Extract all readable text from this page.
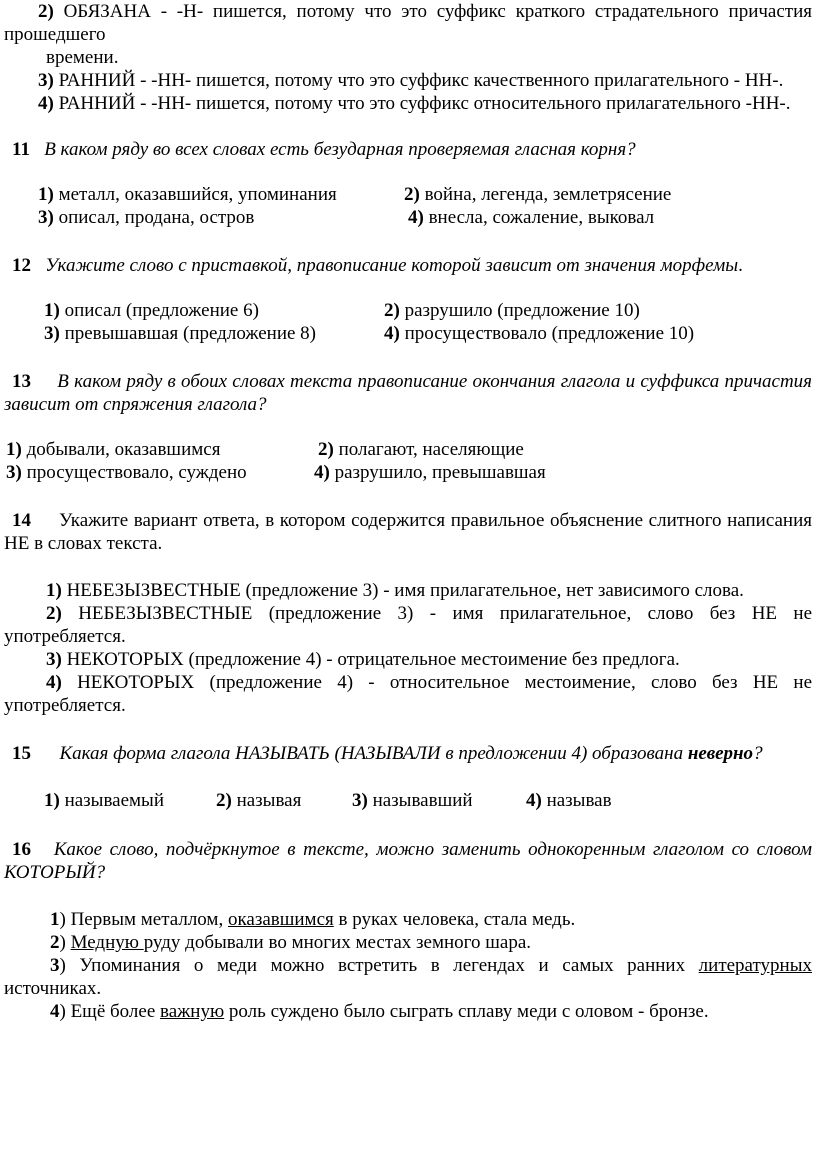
2) ОБЯЗАНА - -Н- пишется, потому что это суффикс краткого страдательного причастия прошедшего

времени.

3) РАННИЙ - -НН- пишется, потому что это суффикс качественного прилагательного - НН-.

4) РАННИЙ - -НН- пишется, потому что это суффикс относительного прилагательного -НН-.

11 В каком ряду во всех словах есть безударная проверяемая гласная корня?

1) металл, оказавшийся, упоминания	2) война, легенда, землетрясение
3) описал, продана, остров	4) внесла, сожаление, выковал

12 Укажите слово с приставкой, правописание которой зависит от значения морфемы.

1) описал (предложение 6)	2) разрушило (предложение 10)
3) превышавшая (предложение 8)	4) просуществовало (предложение 10)

13 В каком ряду в обоих словах текста правописание окончания глагола и суффикса причастия зависит от спряжения глагола?

1) добывали, оказавшимся	2) полагают, населяющие
3) просуществовало, суждено	4) разрушило, превышавшая

14 Укажите вариант ответа, в котором содержится правильное объяснение слитного написания НЕ в словах текста.

1) НЕБЕЗЫЗВЕСТНЫЕ (предложение 3) - имя прилагательное, нет зависимого слова.

2) НЕБЕЗЫЗВЕСТНЫЕ (предложение 3) - имя прилагательное, слово без НЕ не употребляется.

3) НЕКОТОРЫХ (предложение 4) - отрицательное местоимение без предлога.

4) НЕКОТОРЫХ (предложение 4) - относительное местоимение, слово без НЕ не употребляется.

15 Какая форма глагола НАЗЫВАТЬ (НАЗЫВАЛИ в предложении 4) образована неверно?

1) называемый	2) называя	3) называвший	4) называв

16 Какое слово, подчёркнутое в тексте, можно заменить однокоренным глаголом со словом КОТОРЫЙ?

1) Первым металлом, оказавшимся в руках человека, стала медь.

2) Медную руду добывали во многих местах земного шара.

3) Упоминания о меди можно встретить в легендах и самых ранних литературных источниках.

4) Ещё более важную роль суждено было сыграть сплаву меди с оловом - бронзе.
